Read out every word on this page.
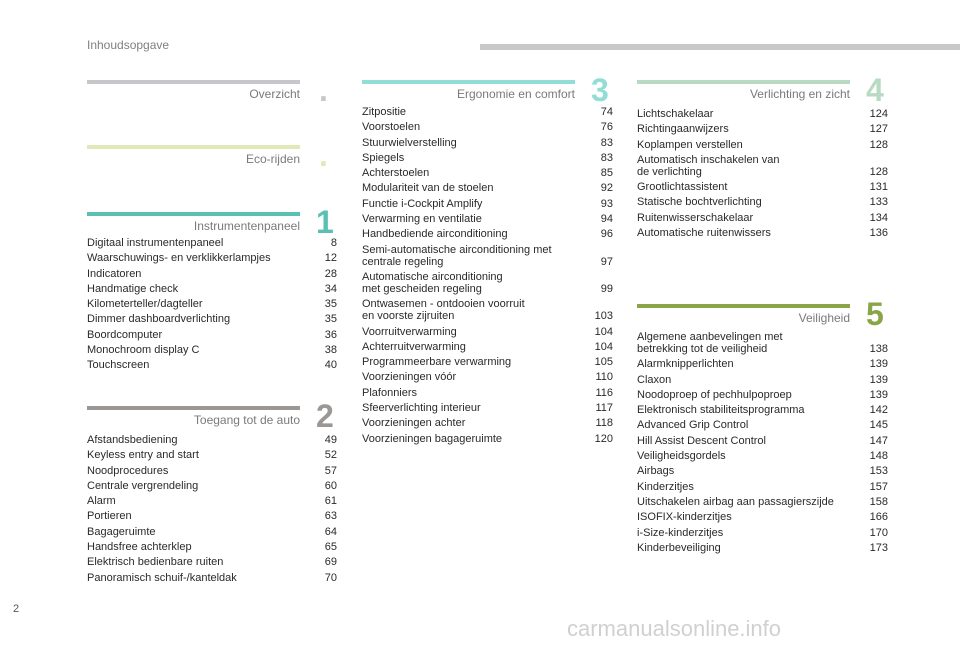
Inhoudsopgave
Overzicht .
Eco-rijden .
Instrumentenpaneel 1
Digitaal instrumentenpaneel	8
Waarschuwings- en verklikkerlampjes	12
Indicatoren	28
Handmatige check	34
Kilometerteller/dagteller	35
Dimmer dashboardverlichting	35
Boordcomputer	36
Monochroom display C	38
Touchscreen	40
Toegang tot de auto 2
Afstandsbediening	49
Keyless entry and start	52
Noodprocedures	57
Centrale vergrendeling	60
Alarm	61
Portieren	63
Bagageruimte	64
Handsfree achterklep	65
Elektrisch bedienbare ruiten	69
Panoramisch schuif-/kanteldak	70
Ergonomie en comfort 3
Zitpositie	74
Voorstoelen	76
Stuurwielverstelling	83
Spiegels	83
Achterstoelen	85
Modulariteit van de stoelen	92
Functie i-Cockpit Amplify	93
Verwarming en ventilatie	94
Handbediende airconditioning	96
Semi-automatische airconditioning met
centrale regeling	97
Automatische airconditioning
met gescheiden regeling	99
Ontwasemen - ontdooien voorruit
en voorste zijruiten	103
Voorruitverwarming	104
Achterruitverwarming	104
Programmeerbare verwarming	105
Voorzieningen vóór	110
Plafonniers	116
Sfeerverlichting interieur	117
Voorzieningen achter	118
Voorzieningen bagageruimte	120
Verlichting en zicht 4
Lichtschakelaar	124
Richtingaanwijzers	127
Koplampen verstellen	128
Automatisch inschakelen van
de verlichting	128
Grootlichtassistent	131
Statische bochtverlichting	133
Ruitenwisserschakelaar	134
Automatische ruitenwissers	136
Veiligheid 5
Algemene aanbevelingen met
betrekking tot de veiligheid	138
Alarmknipperlichten	139
Claxon	139
Noodoproep of pechhulpoproep	139
Elektronisch stabiliteitsprogramma	142
Advanced Grip Control	145
Hill Assist Descent Control	147
Veiligheidsgordels	148
Airbags	153
Kinderzitjes	157
Uitschakelen airbag aan passagierszijde	158
ISOFIX-kinderzitjes	166
i-Size-kinderzitjes	170
Kinderbeveiliging	173
2
carmanualsonline.info
